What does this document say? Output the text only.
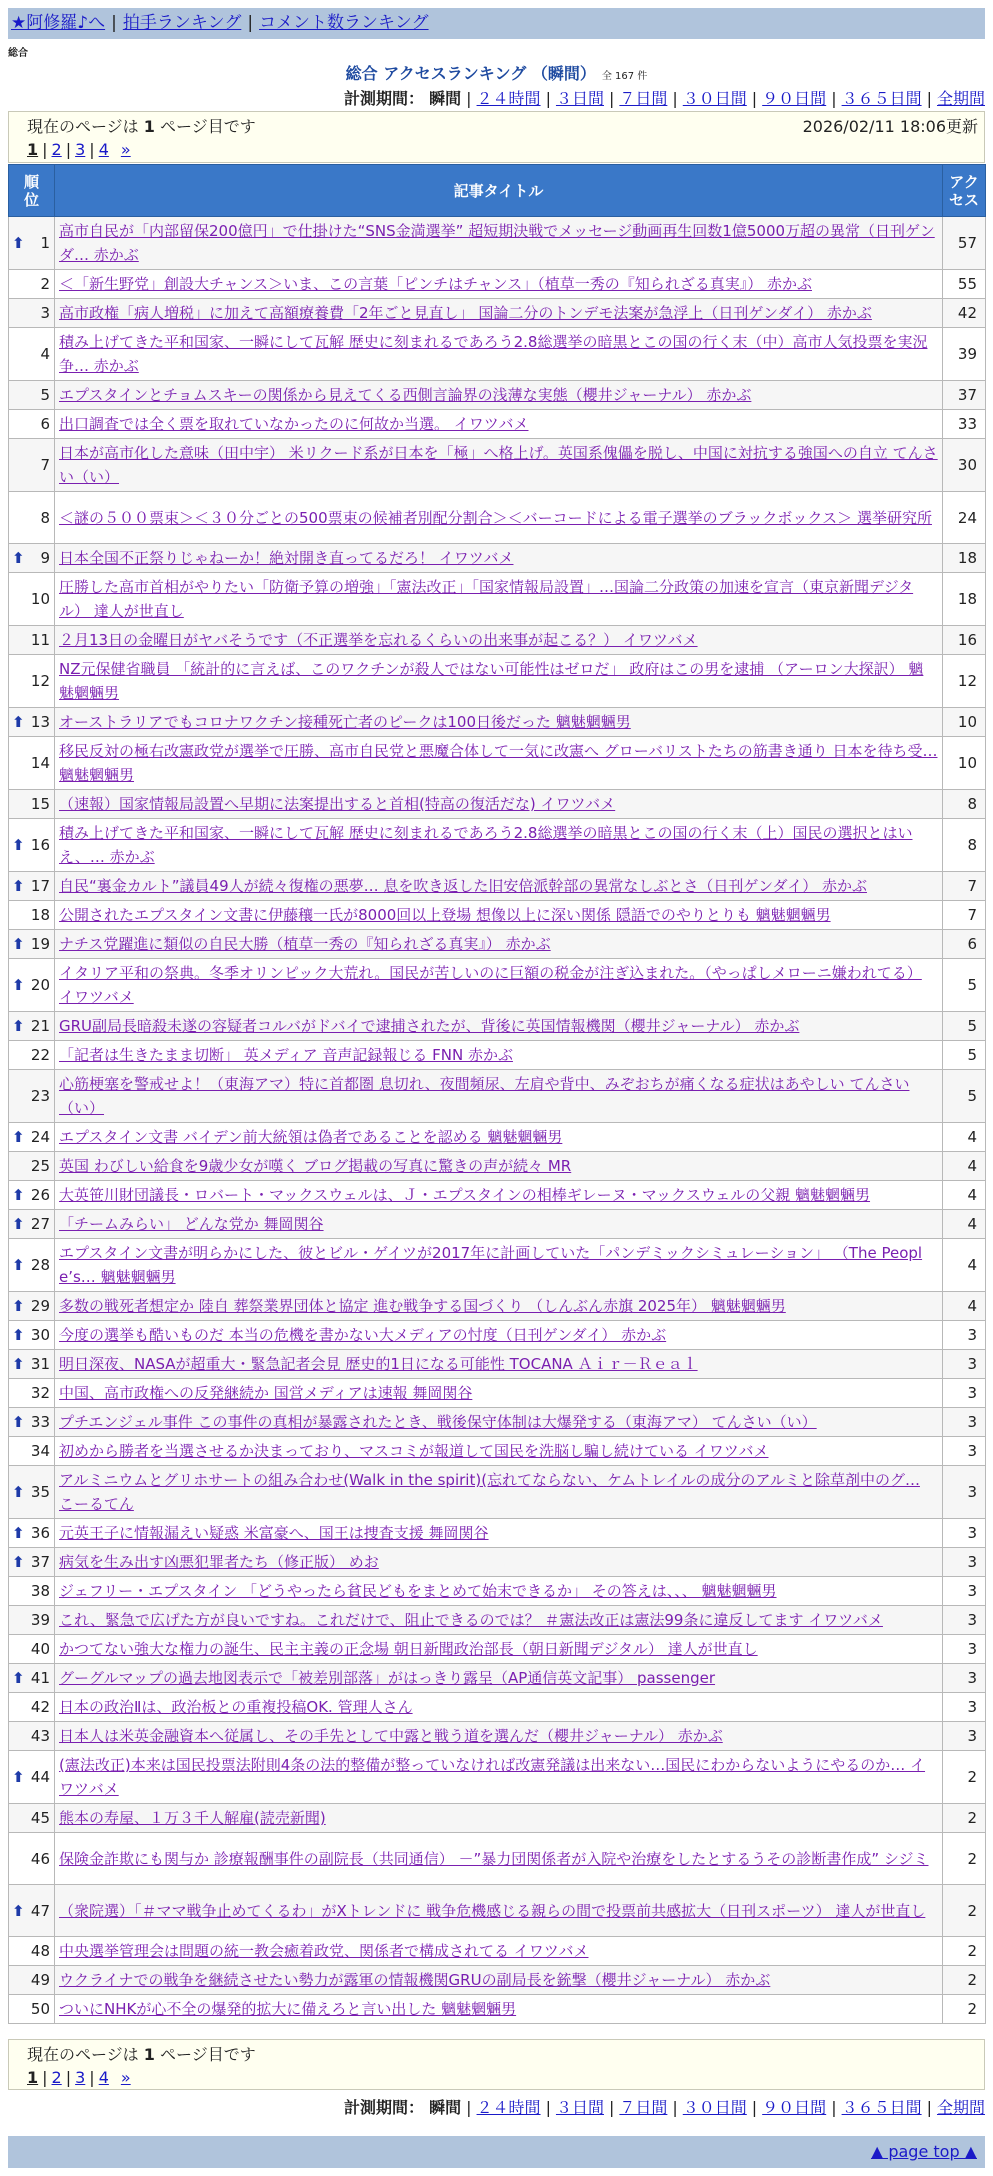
★阿修羅♪へ | 拍手ランキング | コメント数ランキング
総合
総合 アクセスランキング （瞬間） 全 167 件
計測期間： 瞬間 | ２４時間 | ３日間 | ７日間 | ３０日間 | ９０日間 | ３６５日間 | 全期間
現在のページは 1 ページ目です	2026/02/11 18:06更新
1 | 2 | 3 | 4 »
順位	記事タイトル	アクセス

⬆ 1	高市自民が「内部留保200億円」で仕掛けた“SNS金満選挙” 超短期決戦でメッセージ動画再生回数1億5000万超の異常（日刊ゲンダ… 赤かぶ	57
2	＜「新生野党」創設大チャンス＞いま、この言葉「ピンチはチャンス」（植草一秀の『知られざる真実』） 赤かぶ	55
3	高市政権「病人増税」に加えて高額療養費「2年ごと見直し」 国論二分のトンデモ法案が急浮上（日刊ゲンダイ） 赤かぶ	42
4	積み上げてきた平和国家、一瞬にして瓦解 歴史に刻まれるであろう2.8総選挙の暗黒とこの国の行く末（中）高市人気投票を実況争… 赤かぶ	39
5	エプスタインとチョムスキーの関係から見えてくる西側言論界の浅薄な実態（櫻井ジャーナル） 赤かぶ	37
6	出口調査では全く票を取れていなかったのに何故か当選。 イワツバメ	33
7	日本が高市化した意味（田中宇） 米リクード系が日本を「極」へ格上げ。英国系傀儡を脱し、中国に対抗する強国への自立 てんさい（い）	30
8	＜謎の５００票束＞＜３０分ごとの500票束の候補者別配分割合＞＜バーコードによる電子選挙のブラックボックス＞ 選挙研究所	24

⬆ 9	日本全国不正祭りじゃねーか！絶対開き直ってるだろ！ イワツバメ	18
10	圧勝した高市首相がやりたい「防衛予算の増強」「憲法改正」「国家情報局設置」…国論二分政策の加速を宣言（東京新聞デジタル） 達人が世直し	18
11	２月13日の金曜日がヤバそうです（不正選挙を忘れるくらいの出来事が起こる？） イワツバメ	16
12	NZ元保健省職員 「統計的に言えば、このワクチンが殺人ではない可能性はゼロだ」 政府はこの男を逮捕 （アーロン大探訳） 魑魅魍魎男	12

⬆ 13	オーストラリアでもコロナワクチン接種死亡者のピークは100日後だった 魑魅魍魎男	10
14	移民反対の極右改憲政党が選挙で圧勝、高市自民党と悪魔合体して一気に改憲へ グローバリストたちの筋書き通り 日本を待ち受… 魑魅魍魎男	10
15	（速報）国家情報局設置へ早期に法案提出すると首相(特高の復活だな) イワツバメ	8

⬆ 16	積み上げてきた平和国家、一瞬にして瓦解 歴史に刻まれるであろう2.8総選挙の暗黒とこの国の行く末（上）国民の選択とはいえ、… 赤かぶ	8

⬆ 17	自民“裏金カルト”議員49人が続々復権の悪夢… 息を吹き返した旧安倍派幹部の異常なしぶとさ（日刊ゲンダイ） 赤かぶ	7
18	公開されたエプスタイン文書に伊藤穰一氏が8000回以上登場 想像以上に深い関係 隠語でのやりとりも 魑魅魍魎男	7

⬆ 19	ナチス党躍進に類似の自民大勝（植草一秀の『知られざる真実』） 赤かぶ	6

⬆ 20	イタリア平和の祭典。冬季オリンピック大荒れ。国民が苦しいのに巨額の税金が注ぎ込まれた。（やっぱしメローニ嫌われてる） イワツバメ	5

⬆ 21	GRU副局長暗殺未遂の容疑者コルバがドバイで逮捕されたが、背後に英国情報機関（櫻井ジャーナル） 赤かぶ	5
22	「記者は生きたまま切断」 英メディア 音声記録報じる FNN 赤かぶ	5
23	心筋梗塞を警戒せよ！（東海アマ）特に首都圏 息切れ、夜間頻尿、左肩や背中、みぞおちが痛くなる症状はあやしい てんさい（い）	5

⬆ 24	エプスタイン文書 バイデン前大統領は偽者であることを認める 魑魅魍魎男	4
25	英国 わびしい給食を9歳少女が嘆く ブログ掲載の写真に驚きの声が続々 MR	4

⬆ 26	大英笹川財団議長・ロバート・マックスウェルは、Ｊ・エプスタインの相棒ギレーヌ・マックスウェルの父親 魑魅魍魎男	4

⬆ 27	「チームみらい」 どんな党か 舞岡関谷	4

⬆ 28	エプスタイン文書が明らかにした、彼とビル・ゲイツが2017年に計画していた「パンデミックシミュレーション」 （The People’s… 魑魅魍魎男	4

⬆ 29	多数の戦死者想定か 陸自 葬祭業界団体と協定 進む戦争する国づくり （しんぶん赤旗 2025年） 魑魅魍魎男	4

⬆ 30	今度の選挙も酷いものだ 本当の危機を書かない大メディアの忖度（日刊ゲンダイ） 赤かぶ	3

⬆ 31	明日深夜、NASAが超重大・緊急記者会見 歴史的1日になる可能性 TOCANA Ａｉｒ－Ｒｅａｌ	3
32	中国、高市政権への反発継続か 国営メディアは速報 舞岡関谷	3

⬆ 33	プチエンジェル事件 この事件の真相が暴露されたとき、戦後保守体制は大爆発する（東海アマ） てんさい（い）	3
34	初めから勝者を当選させるか決まっており、マスコミが報道して国民を洗脳し騙し続けている イワツバメ	3

⬆ 35	アルミニウムとグリホサートの組み合わせ(Walk in the spirit)(忘れてならない、ケムトレイルの成分のアルミと除草剤中のグ… こーるてん	3

⬆ 36	元英王子に情報漏えい疑惑 米富豪へ、国王は捜査支援 舞岡関谷	3

⬆ 37	病気を生み出す凶悪犯罪者たち（修正版） めお	3
38	ジェフリー・エプスタイン 「どうやったら貧民どもをまとめて始末できるか」 その答えは、、、 魑魅魍魎男	3
39	これ、緊急で広げた方が良いですね。これだけで、阻止できるのでは？ ＃憲法改正は憲法99条に違反してます イワツバメ	3
40	かつてない強大な権力の誕生、民主主義の正念場 朝日新聞政治部長（朝日新聞デジタル） 達人が世直し	3

⬆ 41	グーグルマップの過去地図表示で「被差別部落」がはっきり露呈（AP通信英文記事） passenger	3
42	日本の政治Ⅱは、政治板との重複投稿OK. 管理人さん	3
43	日本人は米英金融資本へ従属し、その手先として中露と戦う道を選んだ（櫻井ジャーナル） 赤かぶ	3

⬆ 44	(憲法改正)本来は国民投票法附則4条の法的整備が整っていなければ改憲発議は出来ない…国民にわからないようにやるのか… イワツバメ	2
45	熊本の寿屋、１万３千人解雇(読売新聞)	2
46	保険金詐欺にも関与か 診療報酬事件の副院長（共同通信） －”暴力団関係者が入院や治療をしたとするうその診断書作成” シジミ	2

⬆ 47	（衆院選）「＃ママ戦争止めてくるわ」がXトレンドに 戦争危機感じる親らの間で投票前共感拡大（日刊スポーツ） 達人が世直し	2
48	中央選挙管理会は問題の統一教会癒着政党、関係者で構成されてる イワツバメ	2
49	ウクライナでの戦争を継続させたい勢力が露軍の情報機関GRUの副局長を銃撃（櫻井ジャーナル） 赤かぶ	2
50	ついにNHKが心不全の爆発的拡大に備えろと言い出した 魑魅魍魎男	2
現在のページは 1 ページ目です
1 | 2 | 3 | 4 »
計測期間： 瞬間 | ２４時間 | ３日間 | ７日間 | ３０日間 | ９０日間 | ３６５日間 | 全期間
▲ page top ▲
